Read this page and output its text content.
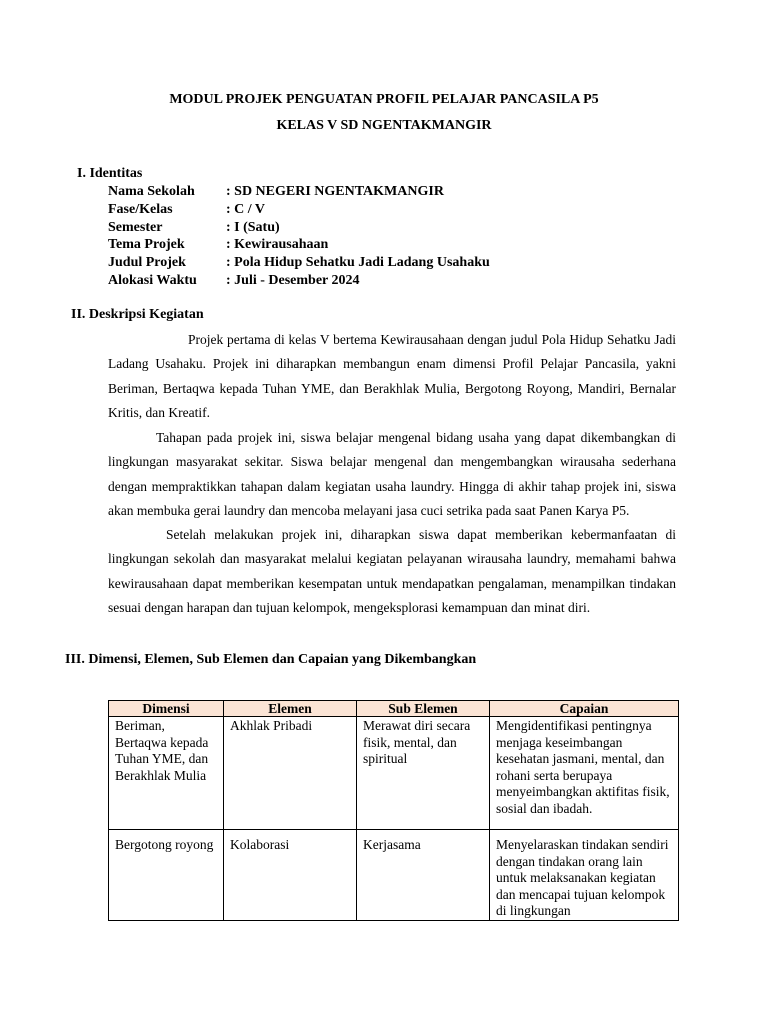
MODUL PROJEK PENGUATAN PROFIL PELAJAR PANCASILA P5
KELAS V SD NGENTAKMANGIR
I. Identitas
Nama Sekolah : SD NEGERI NGENTAKMANGIR
Fase/Kelas	: C / V
Semester	: I (Satu)
Tema Projek	: Kewirausahaan
Judul Projek	: Pola Hidup Sehatku Jadi Ladang Usahaku
Alokasi Waktu : Juli - Desember 2024
II. Deskripsi Kegiatan

Projek pertama di kelas V bertema Kewirausahaan dengan judul Pola Hidup Sehatku Jadi Ladang Usahaku. Projek ini diharapkan membangun enam dimensi Profil Pelajar Pancasila, yakni Beriman, Bertaqwa kepada Tuhan YME, dan Berakhlak Mulia, Bergotong Royong, Mandiri, Bernalar Kritis, dan Kreatif.

Tahapan pada projek ini, siswa belajar mengenal bidang usaha yang dapat dikembangkan di lingkungan masyarakat sekitar. Siswa belajar mengenal dan mengembangkan wirausaha sederhana dengan mempraktikkan tahapan dalam kegiatan usaha laundry. Hingga di akhir tahap projek ini, siswa akan membuka gerai laundry dan mencoba melayani jasa cuci setrika pada saat Panen Karya P5.

Setelah melakukan projek ini, diharapkan siswa dapat memberikan kebermanfaatan di lingkungan sekolah dan masyarakat melalui kegiatan pelayanan wirausaha laundry, memahami bahwa kewirausahaan dapat memberikan kesempatan untuk mendapatkan pengalaman, menampilkan tindakan sesuai dengan harapan dan tujuan kelompok, mengeksplorasi kemampuan dan minat diri.

III. Dimensi, Elemen, Sub Elemen dan Capaian yang Dikembangkan
Dimensi	Elemen	Sub Elemen	Capaian
Beriman, Bertaqwa kepada Tuhan YME, dan Berakhlak Mulia	Akhlak Pribadi	Merawat diri secara fisik, mental, dan spiritual	Mengidentifikasi pentingnya menjaga keseimbangan kesehatan jasmani, mental, dan rohani serta berupaya menyeimbangkan aktifitas fisik, sosial dan ibadah.
Bergotong royong	Kolaborasi	Kerjasama	Menyelaraskan tindakan sendiri dengan tindakan orang lain untuk melaksanakan kegiatan dan mencapai tujuan kelompok di lingkungan
